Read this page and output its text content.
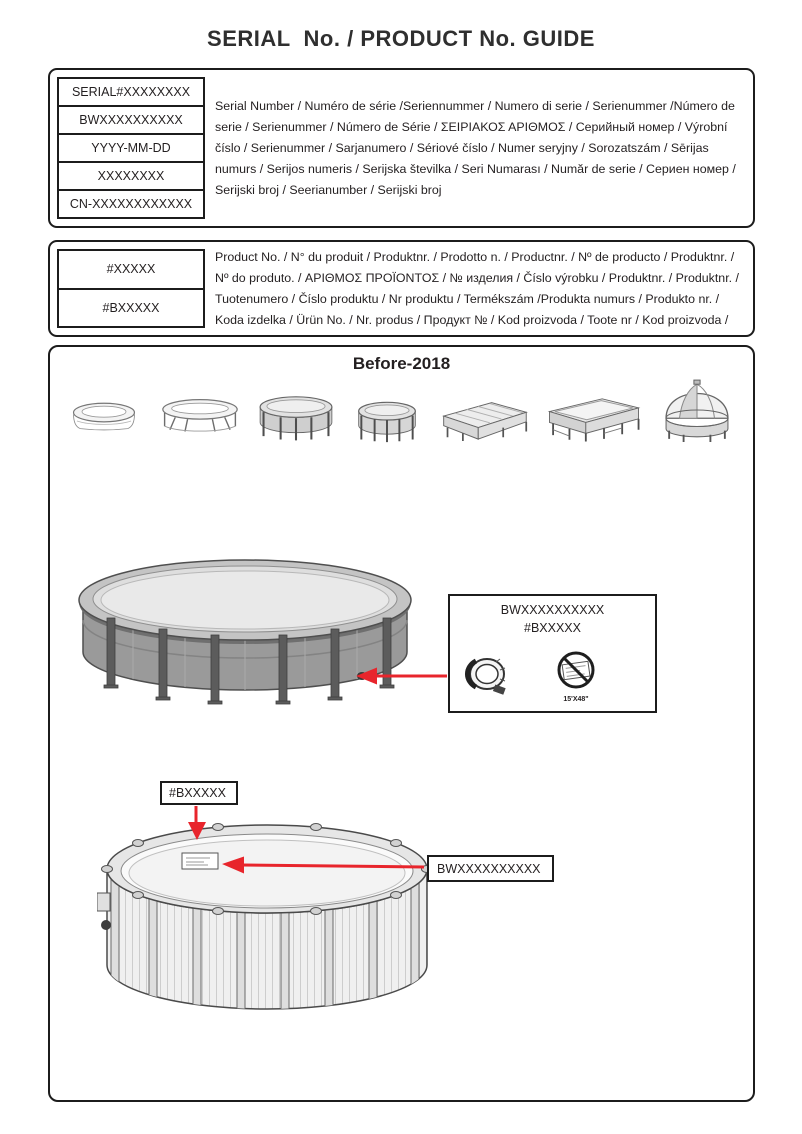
SERIAL  No. / PRODUCT No. GUIDE
SERIAL#XXXXXXXX
BWXXXXXXXXXX
YYYY-MM-DD
XXXXXXXX
CN-XXXXXXXXXXXX

Serial Number / Numéro de série /Seriennummer / Numero di serie / Serienummer /Número de serie / Serienummer / Número de Série / ΣΕΙΡΙΑΚΟΣ ΑΡΙΘΜΟΣ / Серийный номер / Výrobní číslo / Serienummer / Sarjanumero / Sériové číslo / Numer seryjny / Sorozatszám / Sērijas numurs / Serijos numeris / Serijska številka / Seri Numarası / Număr de serie / Сериен номер / Serijski broj / Seerianumber / Serijski broj

#XXXXX
#BXXXXX

Product No. / N° du produit / Produktnr. / Prodotto n. / Productnr. / Nº de producto / Produktnr. / Nº do produto. / ΑΡΙΘΜΟΣ ΠΡΟΪΟΝΤΟΣ / № изделия / Číslo výrobku / Produktnr. / Produktnr. / Tuotenumero / Číslo produktu / Nr produktu / Termékszám /Produkta numurs / Produkto nr. / Koda izdelka / Ürün No. / Nr. produs / Продукт № / Kod proizvoda / Toote nr / Kod proizvoda /

Before-2018
BWXXXXXXXXXX
#BXXXXX
15'X48"
#BXXXXX
BWXXXXXXXXXX
